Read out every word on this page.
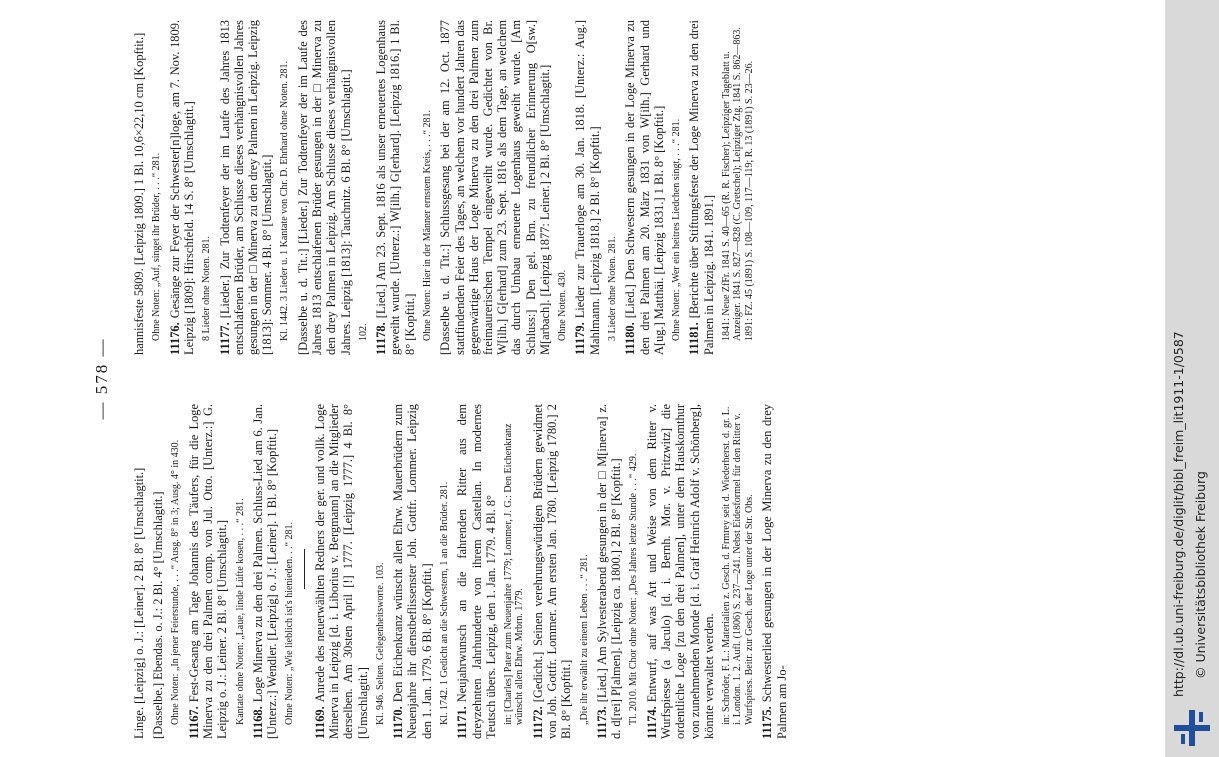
— 578 —
Linge. [Leipzig] o. J.: [Leiner]. 2 Bl. 8° [Umschlagtit.] [Dasselbe.] Ebendas. o. J.: 2 Bl. 4° [Umschlagtit.] Ohne Noten: „In jener Feierstunde, . . .“ Ausg. 8° in 3; Ausg. 4° in 430. 11167.Fest-Gesang am Tage Johannis des Täufers, für die Loge Minerva zu den drei Palmen comp. von Jul. Otto. [Unterz.:] G. Leipzig o. J.: Leiner. 2 Bl. 8° [Umschlagtit.] Kantate ohne Noten: „Laue, linde Lüfte kosen, . . .“ 281. 11168.Loge Minerva zu den drei Palmen. Schluss-Lied am 6. Jan. [Unterz.:] Wendler. [Leipzig] o. J.: [Leiner]. 1 Bl. 8° [Kopftit.] Ohne Noten: „Wie lieblich ist's hienieden. . .“ 281. 11169.Anrede des neuerwählten Redners der ger. und vollk. Loge Minerva in Leipzig [d. i. Liborius v. Bergmann] an die Mitglieder derselben. Am 30sten April [!] 1777. [Leipzig 1777.] 4 Bl. 8° [Umschlagtit.] Kl. 946. Selten. Gelegenheitsworte. 103. 11170.Den Eichenkranz wünscht allen Ehrw. Mauerbrüdern zum Neuenjahre ihr dienstbeflissenster Joh. Gottfr. Lommer. Leipzig den 1. Jan. 1779. 6 Bl. 8° [Kopftit.] Kl. 1742. 1 Gedicht an die Schwestern, 1 an die Brüder. 281. 11171.Neujahrwunsch an die fahrenden Ritter aus dem dreyzehnten Jahrhunderte von ihrem Castellan. In modernes Teutsch übers. Leipzig, den 1. Jan. 1779. 4 Bl. 8° in: [Charles] Pater zum Neuenjahre 1779; Lommer, J. G.: Den Eichenkranz wünscht allen Ehrw. Mrbrn. 1779. 11172.[Gedicht.] Seinen verehrungswürdigen Brüdern gewidmet von Joh. Gottfr. Lommer. Am ersten Jan. 1780. [Leipzig 1780.] 2 Bl. 8° [Kopftit.] „Die ihr erwählt zu einem Leben . . .“ 281. 11173.[Lied.] Am Sylvesterabend gesungen in der □ M[inerva] z. d. d[rei] P[almen]. [Leipzig ca. 1800.] 2 Bl. 8° [Kopftit.] Tl. 2010. Mit Chor ohne Noten: „Des Jahres letzte Stunde . . .“ 429. 11174.Entwurf, auf was Art und Weise von dem Ritter v. Wurfspiesse (a Jaculo) [d. i. Bernh. Mor. v. Pritzwitz] die ordentliche Loge [zu den drei Palmen], unter dem Hauskomthur von zunehmenden Monde [d. i. Graf Heinrich Adolf v. Schönberg], könnte verwaltet werden. in: Schröder, F. L.: Materialien z. Gesch. d. Frmrey seit d. Wiederherst. d. gr. L. i. London. 1. 2. Aufl. (1806) S. 237—241. Nebst Eidesformel für den Ritter v. Wurfspiess. Beitr. zur Gesch. der Loge unter der Str. Obs. 11175.Schwesterlied gesungen in der Loge Minerva zu den drey Palmen am Jo-
hannisfeste 5809. [Leipzig 1809.] 1 Bl. 10,6×22,10 cm [Kopftit.] Ohne Noten: „Auf, singet ihr Brüder, . . .“ 281. 11176.Gesänge zur Feyer der Schwester[n]loge, am 7. Nov. 1809. Leipzig [1809]: Hirschfeld. 14 S. 8° [Umschlagtit.] 8 Lieder ohne Noten. 281. 11177.[Lieder.] Zur Todtenfeyer der im Laufe des Jahres 1813 entschlafenen Brüder, am Schlusse dieses verhängnisvollen Jahres gesungen in der □ Minerva zu den drey Palmen in Leipzig. Leipzig [1813]: Sommer. 4 Bl. 8° [Umschlagtit.] Kl. 1442. 3 Lieder u. 1 Kantate von Chr. D. Ehrhard ohne Noten. 281. [Dasselbe u. d. Tit.:] [Lieder.] Zur Todtenfeyer der im Laufe des Jahres 1813 entschlafenen Brüder gesungen in der □ Minerva zu den drey Palmen in Leipzig. Am Schlusse dieses verhängnisvollen Jahres. Leipzig [1813]: Tauchnitz. 6 Bl. 8° [Umschlagtit.] 102. 11178.[Lied.] Am 23. Sept. 1816 als unser erneuertes Logenhaus geweiht wurde. [Unterz.:] W[ilh.] G[erhard]. [Leipzig 1816.] 1 Bl. 8° [Kopftit.] Ohne Noten: Hier in der Männer ernstem Kreis, . . .“ 281. [Dasselbe u. d. Tit.:] Schlussgesang bei der am 12. Oct. 1877 stattfindenden Feier des Tages, an welchem vor hundert Jahren das gegenwärtige Haus der Loge Minerva zu den drei Palmen zum freimaurerischen Tempel eingeweiht wurde. Gedichtet von Br. W[ilh.] G[erhard] zum 23. Sept. 1816 als dem Tage, an welchem das durch Umbau erneuerte Logenhaus geweiht wurde. [Am Schluss:] Den gel. Brn. zu freundlicher Erinnerung O[sw.] M[arbach]. [Leipzig 1877: Leiner.] 2 Bl. 8° [Umschlagtit.] Ohne Noten. 430. 11179.Lieder zur Trauerloge am 30. Jan. 1818. [Unterz.: Aug.] Mahlmann. [Leipzig 1818.] 2 Bl. 8° [Kopftit.] 3 Lieder ohne Noten. 281. 11180.[Lied.] Den Schwestern gesungen in der Loge Minerva zu den drei Palmen am 20. März 1831 von W[ilh.] Gerhard und A[ug.] Matthäi. [Leipzig 1831.] 1 Bl. 8° [Kopftit.] Ohne Noten: „Wer ein heitres Liedchen singt, . . .“ 281. 11181.[Berichte über Stiftungsfeste der Loge Minerva zu den drei Palmen in Leipzig. 1841. 1891.] 1841: Neue ZfFr. 1841 S. 40—65 (R. R. Fischer); Leipziger Tageblatt u. Anzeiger. 1841 S. 827—828 (C. Gretschel); Leipziger Ztg. 1841 S. 862—863. 1891: FZ. 45 (1891) S. 108—109, 117—119; R. 13 (1891) S. 23—26.
http://dl.ub.uni-freiburg.de/diglit/bibl_freim_lit1911-1/0587 © Universitätsbibliothek Freiburg
